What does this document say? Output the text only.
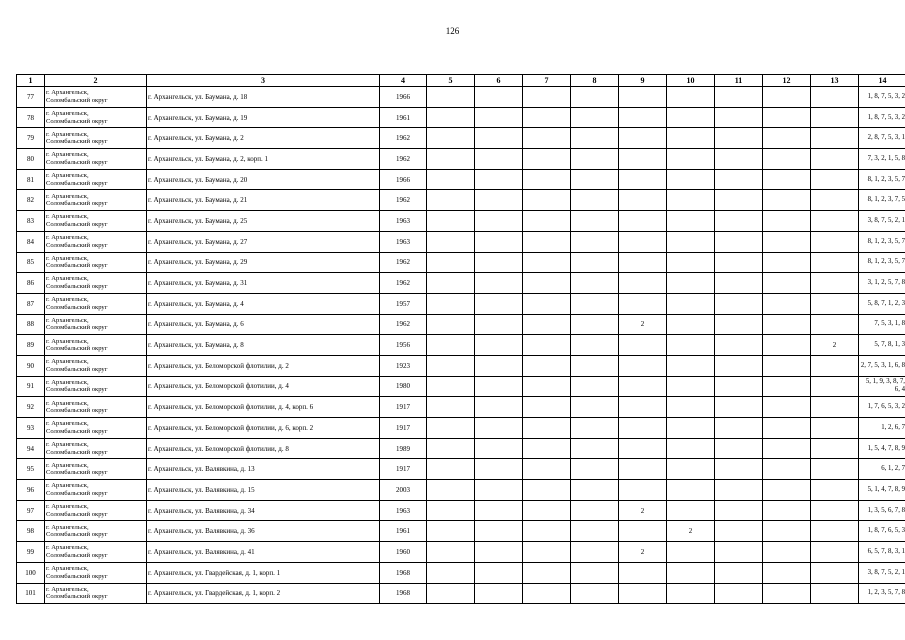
126
1	2	3	4	5	6	7	8	9	10	11	12	13	14
77	г. Архангельск,
Соломбальский округ	г. Архангельск, ул. Баумана, д. 18	1966										1, 8, 7, 5, 3, 2
78	г. Архангельск,
Соломбальский округ	г. Архангельск, ул. Баумана, д. 19	1961										1, 8, 7, 5, 3, 2
79	г. Архангельск,
Соломбальский округ	г. Архангельск, ул. Баумана, д. 2	1962										2, 8, 7, 5, 3, 1
80	г. Архангельск,
Соломбальский округ	г. Архангельск, ул. Баумана, д. 2, корп. 1	1962										7, 3, 2, 1, 5, 8
81	г. Архангельск,
Соломбальский округ	г. Архангельск, ул. Баумана, д. 20	1966										8, 1, 2, 3, 5, 7
82	г. Архангельск,
Соломбальский округ	г. Архангельск, ул. Баумана, д. 21	1962										8, 1, 2, 3, 7, 5
83	г. Архангельск,
Соломбальский округ	г. Архангельск, ул. Баумана, д. 25	1963										3, 8, 7, 5, 2, 1
84	г. Архангельск,
Соломбальский округ	г. Архангельск, ул. Баумана, д. 27	1963										8, 1, 2, 3, 5, 7
85	г. Архангельск,
Соломбальский округ	г. Архангельск, ул. Баумана, д. 29	1962										8, 1, 2, 3, 5, 7
86	г. Архангельск,
Соломбальский округ	г. Архангельск, ул. Баумана, д. 31	1962										3, 1, 2, 5, 7, 8
87	г. Архангельск,
Соломбальский округ	г. Архангельск, ул. Баумана, д. 4	1957										5, 8, 7, 1, 2, 3
88	г. Архангельск,
Соломбальский округ	г. Архангельск, ул. Баумана, д. 6	1962					2					7, 5, 3, 1, 8
89	г. Архангельск,
Соломбальский округ	г. Архангельск, ул. Баумана, д. 8	1956									2	5, 7, 8, 1, 3
90	г. Архангельск,
Соломбальский округ	г. Архангельск, ул. Беломорской флотилии, д. 2	1923										2, 7, 5, 3, 1, 6, 8
91	г. Архангельск,
Соломбальский округ	г. Архангельск, ул. Беломорской флотилии, д. 4	1980										5, 1, 9, 3, 8, 7, 6, 4
92	г. Архангельск,
Соломбальский округ	г. Архангельск, ул. Беломорской флотилии, д. 4, корп. 6	1917										1, 7, 6, 5, 3, 2
93	г. Архангельск,
Соломбальский округ	г. Архангельск, ул. Беломорской флотилии, д. 6, корп. 2	1917										1, 2, 6, 7
94	г. Архангельск,
Соломбальский округ	г. Архангельск, ул. Беломорской флотилии, д. 8	1989										1, 5, 4, 7, 8, 9
95	г. Архангельск,
Соломбальский округ	г. Архангельск, ул. Валявкина, д. 13	1917										6, 1, 2, 7
96	г. Архангельск,
Соломбальский округ	г. Архангельск, ул. Валявкина, д. 15	2003										5, 1, 4, 7, 8, 9
97	г. Архангельск,
Соломбальский округ	г. Архангельск, ул. Валявкина, д. 34	1963					2					1, 3, 5, 6, 7, 8
98	г. Архангельск,
Соломбальский округ	г. Архангельск, ул. Валявкина, д. 36	1961						2				1, 8, 7, 6, 5, 3
99	г. Архангельск,
Соломбальский округ	г. Архангельск, ул. Валявкина, д. 41	1960					2					6, 5, 7, 8, 3, 1
100	г. Архангельск,
Соломбальский округ	г. Архангельск, ул. Гвардейская, д. 1, корп. 1	1968										3, 8, 7, 5, 2, 1
101	г. Архангельск,
Соломбальский округ	г. Архангельск, ул. Гвардейская, д. 1, корп. 2	1968										1, 2, 3, 5, 7, 8
